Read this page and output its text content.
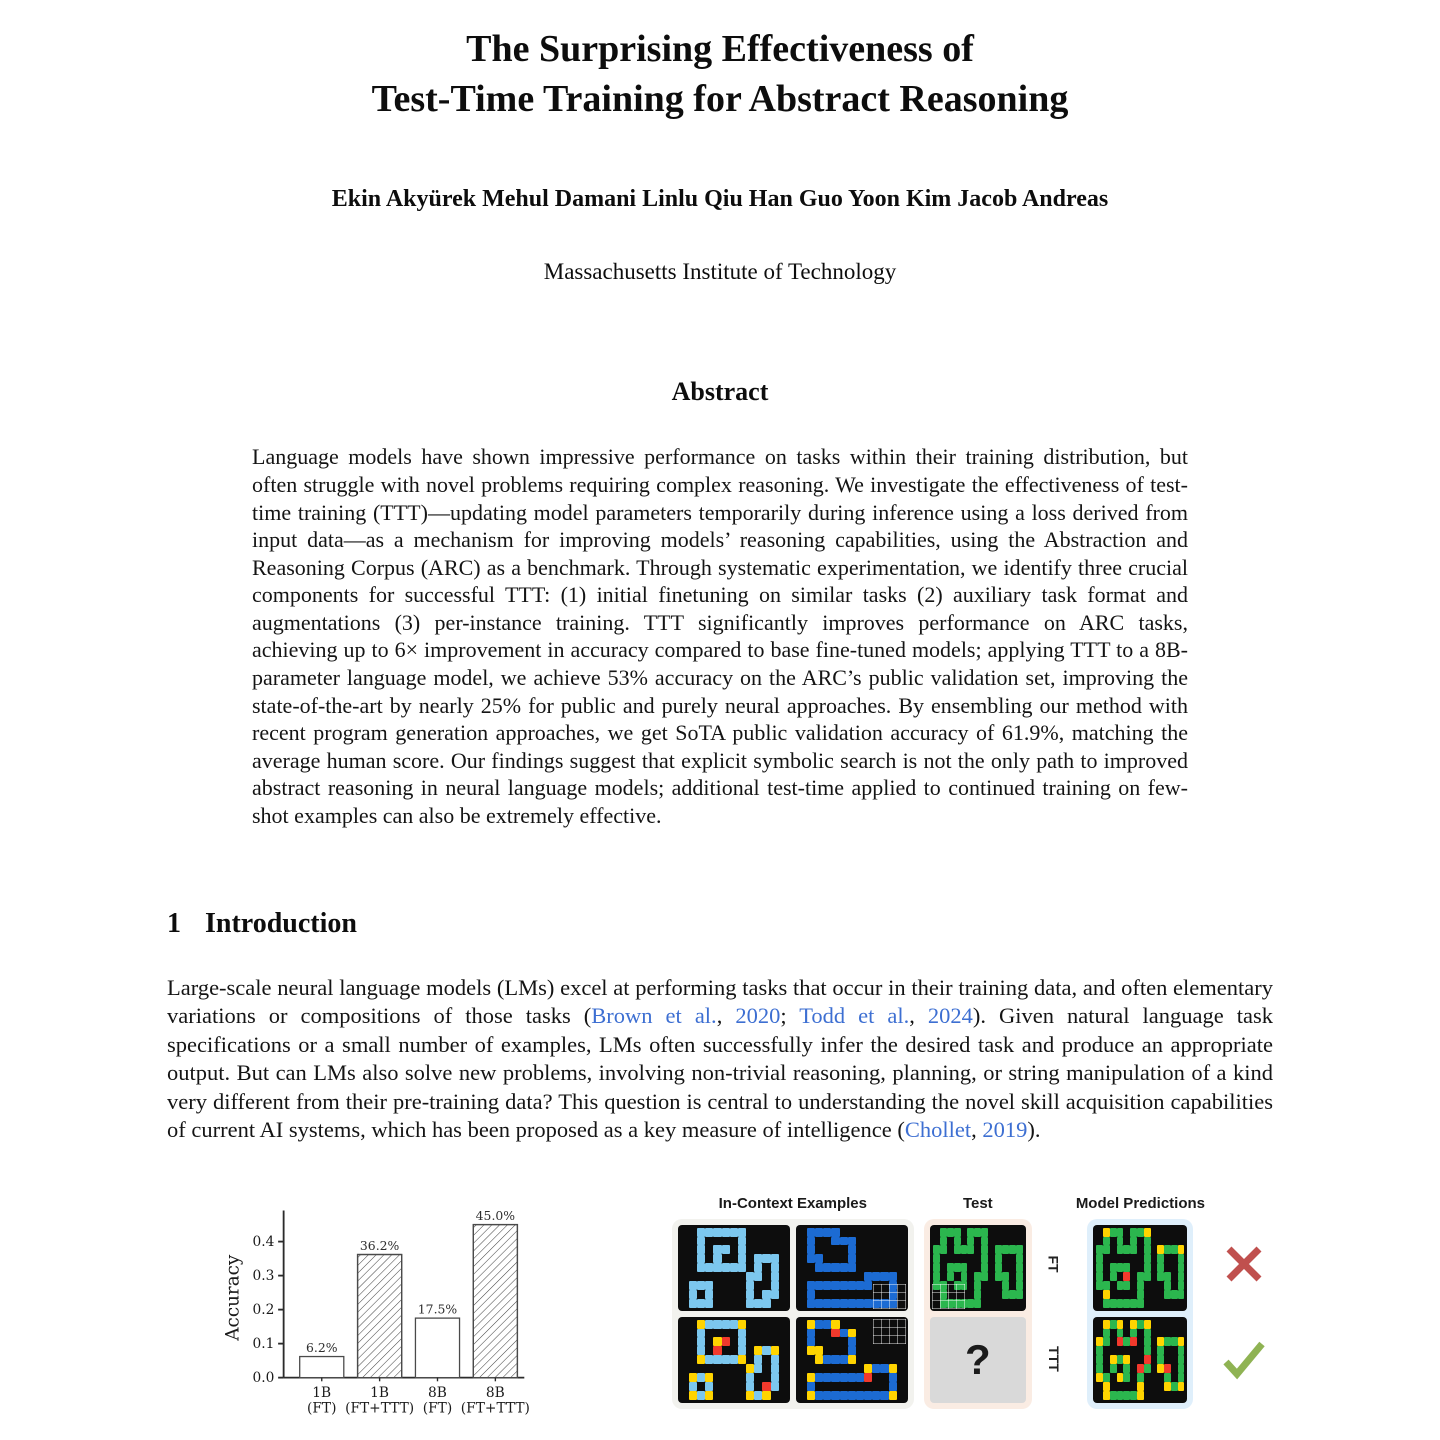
The Surprising Effectiveness of
Test-Time Training for Abstract Reasoning
Ekin Akyürek Mehul Damani Linlu Qiu Han Guo Yoon Kim Jacob Andreas
Massachusetts Institute of Technology
Abstract
Language models have shown impressive performance on tasks within their training distribution, but often struggle with novel problems requiring complex reasoning. We investigate the effectiveness of test-time training (TTT)—updating model parameters temporarily during inference using a loss derived from input data—as a mechanism for improving models’ reasoning capabilities, using the Abstraction and Reasoning Corpus (ARC) as a benchmark. Through systematic experimentation, we identify three crucial components for successful TTT: (1) initial finetuning on similar tasks (2) auxiliary task format and augmentations (3) per-instance training. TTT significantly improves performance on ARC tasks, achieving up to 6× improvement in accuracy compared to base fine-tuned models; applying TTT to a 8B-parameter language model, we achieve 53% accuracy on the ARC’s public validation set, improving the state-of-the-art by nearly 25% for public and purely neural approaches. By ensembling our method with recent program generation approaches, we get SoTA public validation accuracy of 61.9%, matching the average human score. Our findings suggest that explicit symbolic search is not the only path to improved abstract reasoning in neural language models; additional test-time applied to continued training on few-shot examples can also be extremely effective.
1 Introduction
Large-scale neural language models (LMs) excel at performing tasks that occur in their training data, and often elementary variations or compositions of those tasks (Brown et al., 2020; Todd et al., 2024). Given natural language task specifications or a small number of examples, LMs often successfully infer the desired task and produce an appropriate output. But can LMs also solve new problems, involving non-trivial reasoning, planning, or string manipulation of a kind very different from their pre-training data? This question is central to understanding the novel skill acquisition capabilities of current AI systems, which has been proposed as a key measure of intelligence (Chollet, 2019).
0.0
0.1
0.2
0.3
0.4
Accuracy
6.2%
1B
(FT)
36.2%
1B
(FT+TTT)
17.5%
8B
(FT)
45.0%
8B
(FT+TTT)
In-Context Examples	Test
?
FT
TTT
Model Predictions
